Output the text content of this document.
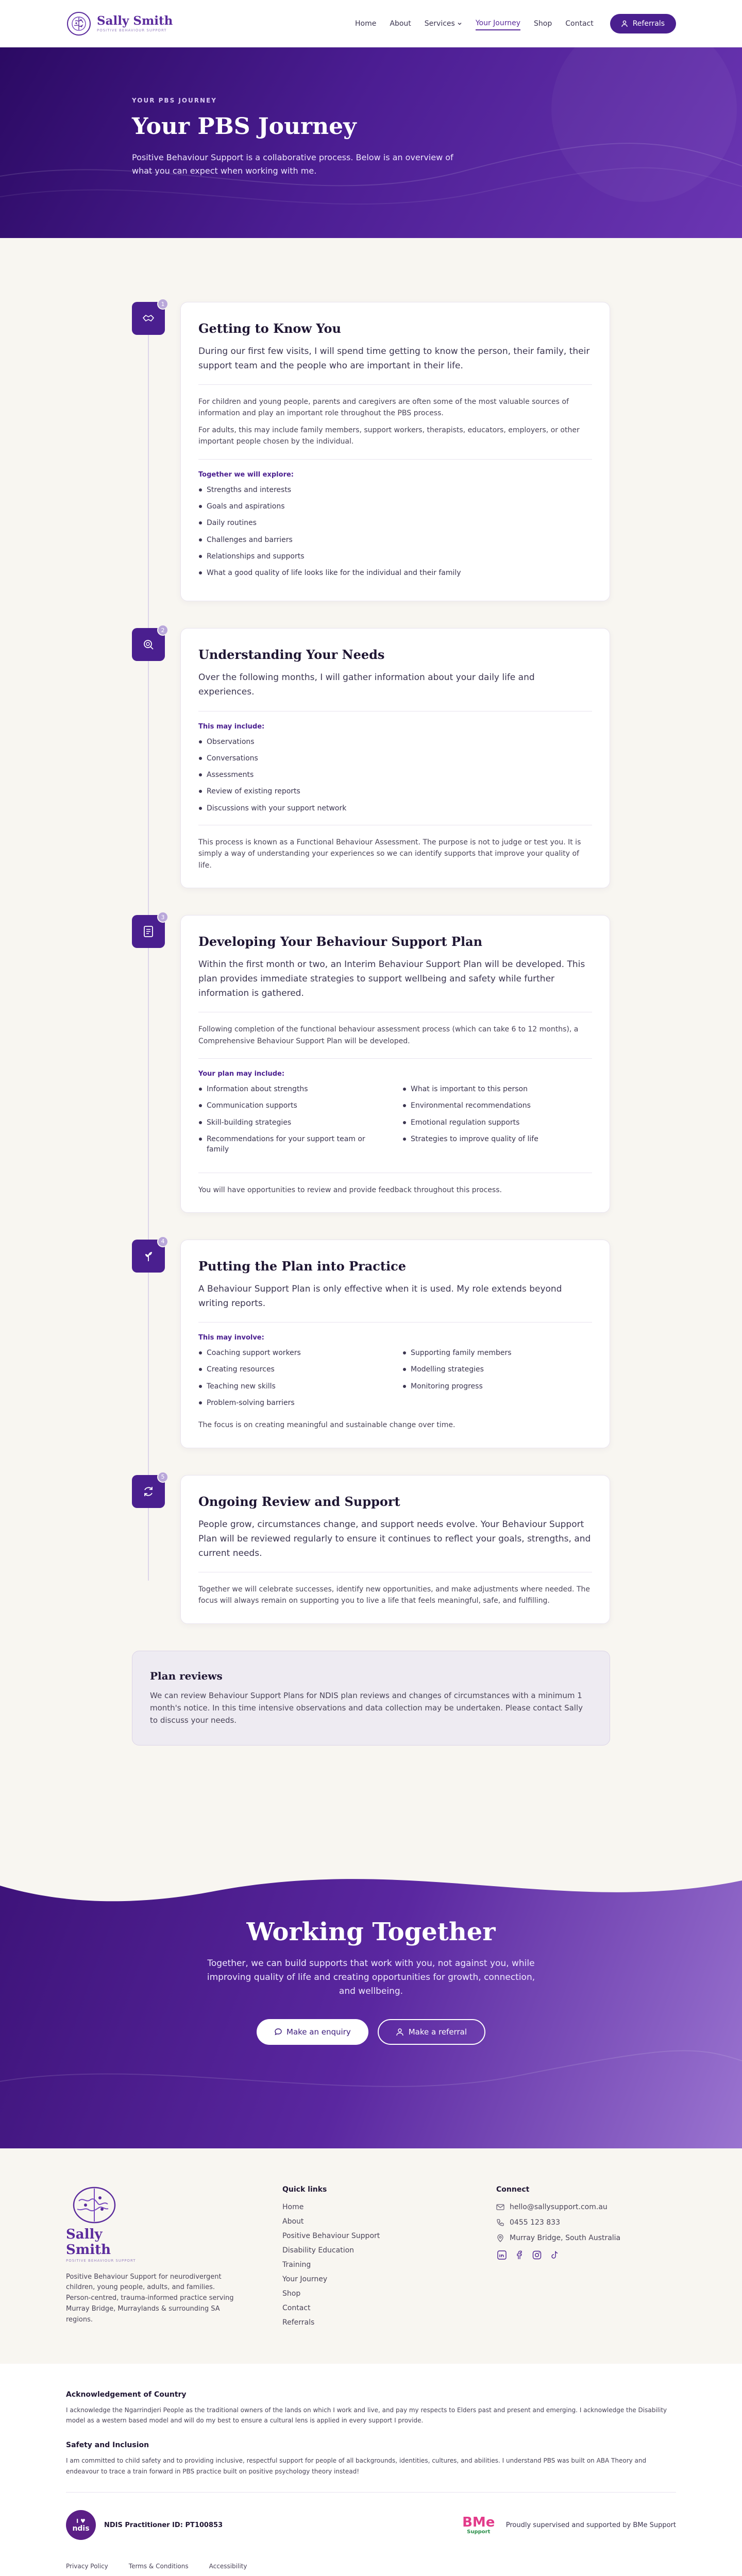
Sally Smith
POSITIVE BEHAVIOUR SUPPORT
Home About Services	Your Journey Shop Contact	Referrals
YOUR PBS JOURNEY
Your PBS Journey

Positive Behaviour Support is a collaborative process. Below is an overview of what you can expect when working with me.

1
Getting to Know You

During our first few visits, I will spend time getting to know the person, their family, their support team and the people who are important in their life.

For children and young people, parents and caregivers are often some of the most valuable sources of information and play an important role throughout the PBS process.

For adults, this may include family members, support workers, therapists, educators, employers, or other important people chosen by the individual.

Together we will explore:
Strengths and interests
Goals and aspirations
Daily routines
Challenges and barriers
Relationships and supports
What a good quality of life looks like for the individual and their family
2
Understanding Your Needs

Over the following months, I will gather information about your daily life and experiences.

This may include:
Observations
Conversations
Assessments
Review of existing reports
Discussions with your support network

This process is known as a Functional Behaviour Assessment. The purpose is not to judge or test you. It is simply a way of understanding your experiences so we can identify supports that improve your quality of life.

3
Developing Your Behaviour Support Plan

Within the first month or two, an Interim Behaviour Support Plan will be developed. This plan provides immediate strategies to support wellbeing and safety while further information is gathered.

Following completion of the functional behaviour assessment process (which can take 6 to 12 months), a Comprehensive Behaviour Support Plan will be developed.

Your plan may include:
Information about strengths
Communication supports
Skill-building strategies
Recommendations for your support team or family
What is important to this person
Environmental recommendations
Emotional regulation supports
Strategies to improve quality of life

You will have opportunities to review and provide feedback throughout this process.

4
Putting the Plan into Practice

A Behaviour Support Plan is only effective when it is used. My role extends beyond writing reports.

This may involve:
Coaching support workers
Creating resources
Teaching new skills
Problem-solving barriers
Supporting family members
Modelling strategies
Monitoring progress

The focus is on creating meaningful and sustainable change over time.

5
Ongoing Review and Support

People grow, circumstances change, and support needs evolve. Your Behaviour Support Plan will be reviewed regularly to ensure it continues to reflect your goals, strengths, and current needs.

Together we will celebrate successes, identify new opportunities, and make adjustments where needed. The focus will always remain on supporting you to live a life that feels meaningful, safe, and fulfilling.

Plan reviews

We can review Behaviour Support Plans for NDIS plan reviews and changes of circumstances with a minimum 1 month's notice. In this time intensive observations and data collection may be undertaken. Please contact Sally to discuss your needs.

Working Together

Together, we can build supports that work with you, not against you, while improving quality of life and creating opportunities for growth, connection, and wellbeing.

Make an enquiry	Make a referral
Sally Smith
POSITIVE BEHAVIOUR SUPPORT

Positive Behaviour Support for neurodivergent children, young people, adults, and families. Person-centred, trauma-informed practice serving Murray Bridge, Murraylands & surrounding SA regions.

Quick links
Home
About
Positive Behaviour Support
Disability Education
Training
Your Journey
Shop
Contact
Referrals
Connect
hello@sallysupport.com.au
0455 123 833
Murray Bridge, South Australia
Acknowledgement of Country

I acknowledge the Ngarrindjeri People as the traditional owners of the lands on which I work and live, and pay my respects to Elders past and present and emerging. I acknowledge the Disability model as a western based model and will do my best to ensure a cultural lens is applied in every support I provide.

Safety and Inclusion

I am committed to child safety and to providing inclusive, respectful support for people of all backgrounds, identities, cultures, and abilities. I understand PBS was built on ABA Theory and endeavour to trace a train forward in PBS practice built on positive psychology theory instead!

I ♥
ndis NDIS Practitioner ID: PT100853	BMe
Support
Proudly supervised and supported by BMe Support
Privacy Policy	Terms & Conditions	Accessibility
